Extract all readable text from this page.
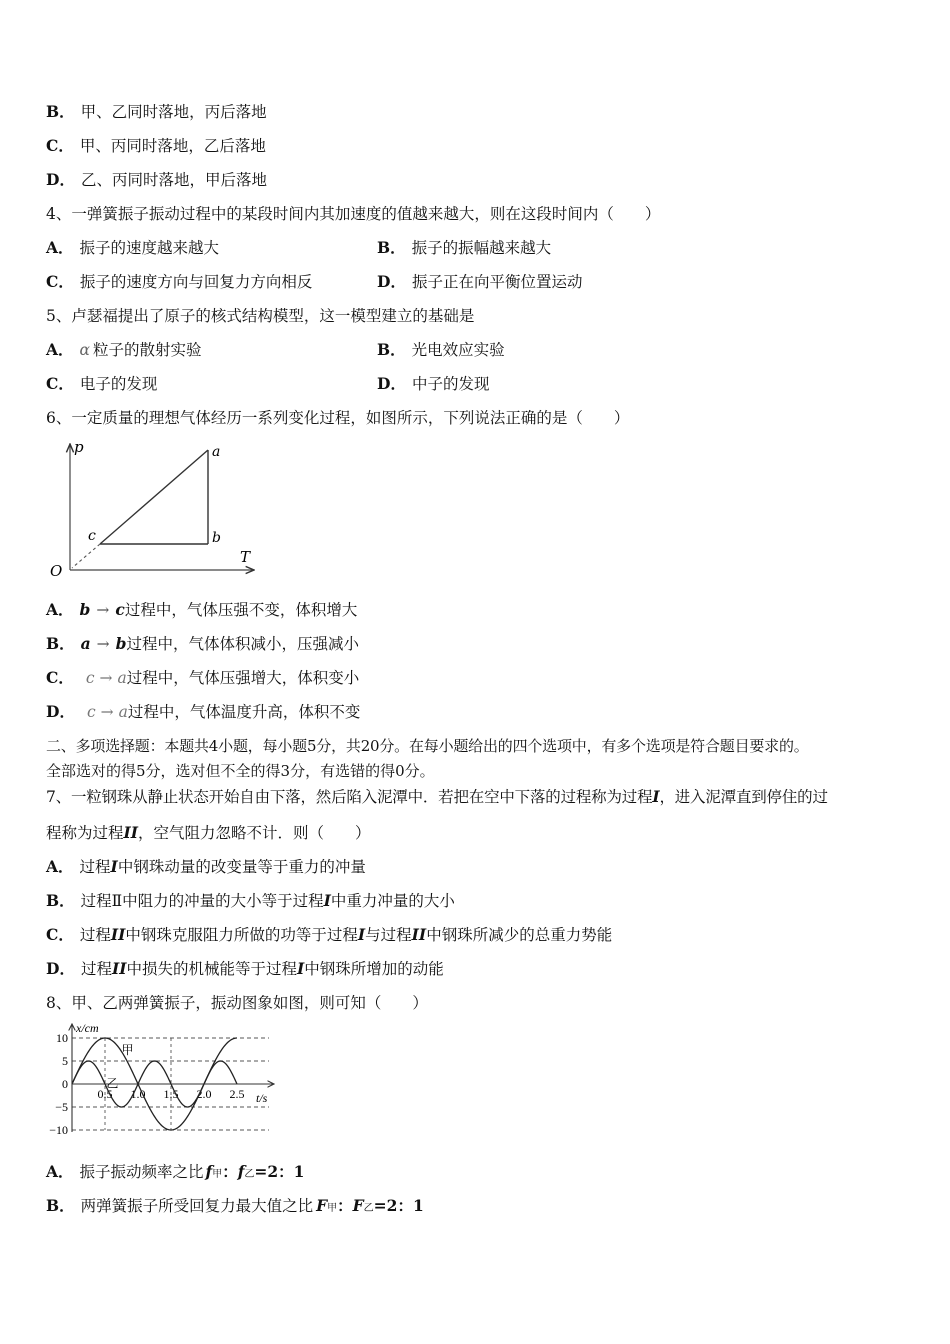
B． 甲、乙同时落地，丙后落地
C． 甲、丙同时落地，乙后落地
D． 乙、丙同时落地，甲后落地
4、一弹簧振子振动过程中的某段时间内其加速度的值越来越大，则在这段时间内（　　）
A． 振子的速度越来越大	B． 振子的振幅越来越大
C． 振子的速度方向与回复力方向相反	D． 振子正在向平衡位置运动
5、卢瑟福提出了原子的核式结构模型，这一模型建立的基础是
A． α 粒子的散射实验	B． 光电效应实验
C． 电子的发现	D． 中子的发现
6、一定质量的理想气体经历一系列变化过程，如图所示，下列说法正确的是（　　）
p
T
O
a
b
c
A． b → c过程中，气体压强不变，体积增大
B． a → b过程中，气体体积减小，压强减小
C． c → a过程中，气体压强增大，体积变小
D． c → a过程中，气体温度升高，体积不变
二、多项选择题：本题共4小题，每小题5分，共20分。在每小题给出的四个选项中，有多个选项是符合题目要求的。
全部选对的得5分，选对但不全的得3分，有选错的得0分。
7、一粒钢珠从静止状态开始自由下落，然后陷入泥潭中．若把在空中下落的过程称为过程I，进入泥潭直到停住的过
程称为过程II，空气阻力忽略不计．则（　　）
A． 过程I中钢珠动量的改变量等于重力的冲量
B． 过程Ⅱ中阻力的冲量的大小等于过程I中重力冲量的大小
C． 过程II中钢珠克服阻力所做的功等于过程I与过程II中钢珠所减少的总重力势能
D． 过程II中损失的机械能等于过程I中钢珠所增加的动能
8、甲、乙两弹簧振子，振动图象如图，则可知（　　）
x/cm
t/s
10
5
0
−5
−10
0.5 1.0 1.5 2.0 2.5
甲
乙
A． 振子振动频率之比 f甲：f乙=2：1
B． 两弹簧振子所受回复力最大值之比 F甲：F乙=2：1
